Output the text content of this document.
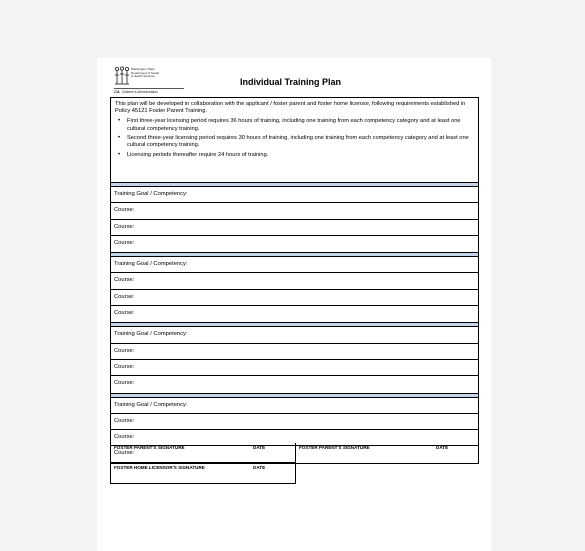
Washington State
Department of Social
& Health Services
CA Children's Administration
Individual Training Plan
This plan will be developed in collaboration with the applicant / foster parent and foster home licensor, following requirements established in Policy 45121 Foster Parent Training.
• First three-year licensing period requires 36 hours of training, including one training from each competency category and at least one cultural competency training.
• Second three-year licensing period requires 30 hours of training, including one training from each competency category and at least one cultural competency training.
• Licensing periods thereafter require 24 hours of training.
Training Goal / Competency:
Course:
Course:
Course:
Training Goal / Competency:
Course:
Course:
Course:
Training Goal / Competency:
Course:
Course:
Course:
Training Goal / Competency:
Course:
Course:
Course:
FOSTER PARENT'S SIGNATURE	DATE
FOSTER HOME LICENSOR'S SIGNATURE	DATE
FOSTER PARENT'S SIGNATURE	DATE
